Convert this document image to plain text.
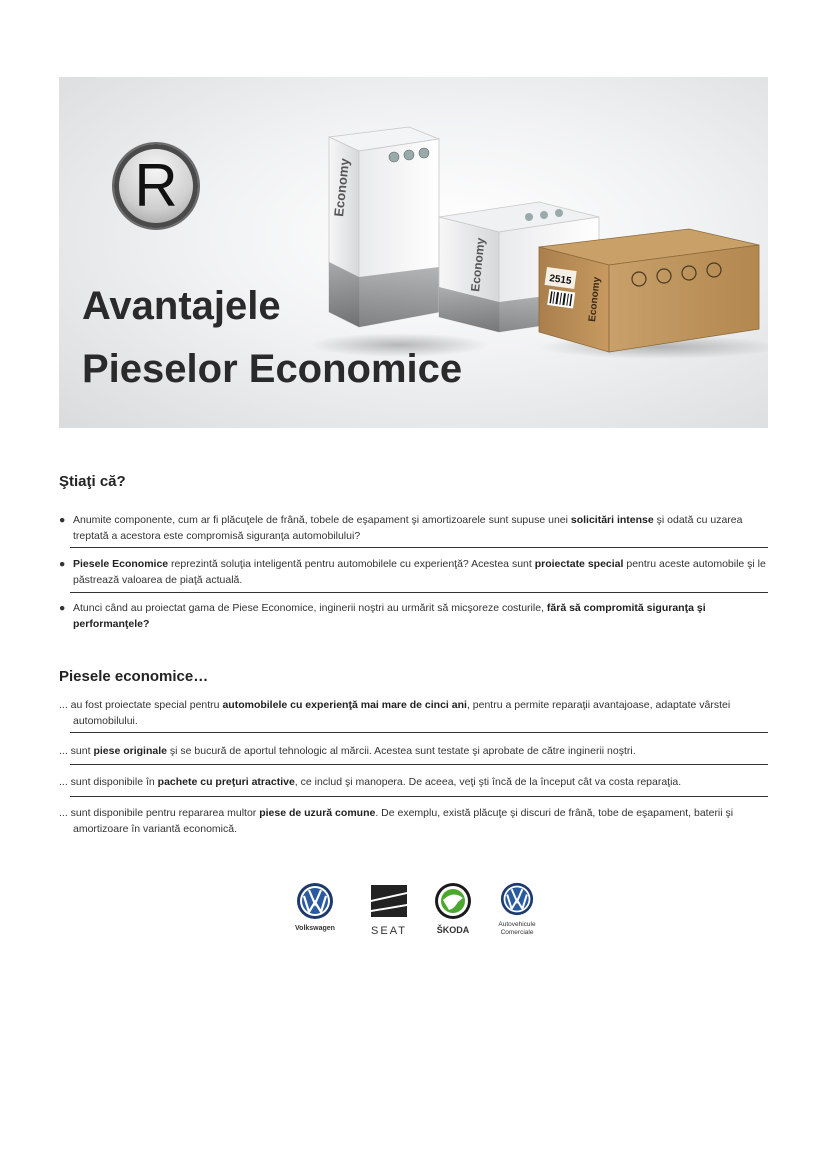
R	Economy
Economy
Economy
2515
Avantajele
Pieselor Economice
Ştiaţi că?
● Anumite componente, cum ar fi plăcuţele de frână, tobele de eşapament şi amortizoarele sunt supuse unei solicitări intense şi odată cu uzarea treptată a acestora este compromisă siguranţa automobilului?
● Piesele Economice reprezintă soluţia inteligentă pentru automobilele cu experienţă? Acestea sunt proiectate special pentru aceste automobile şi le păstrează valoarea de piaţă actuală.
● Atunci când au proiectat gama de Piese Economice, inginerii noştri au urmărit să micşoreze costurile, fără să compromită siguranţa şi performanţele?
Piesele economice…
... au fost proiectate special pentru automobilele cu experienţă mai mare de cinci ani, pentru a permite reparaţii avantajoase, adaptate vârstei automobilului.
... sunt piese originale şi se bucură de aportul tehnologic al mărcii. Acestea sunt testate şi aprobate de către inginerii noştri.
... sunt disponibile în pachete cu preţuri atractive, ce includ şi manopera. De aceea, veţi şti încă de la început cât va costa reparaţia.
... sunt disponibile pentru repararea multor piese de uzură comune. De exemplu, există plăcuţe şi discuri de frână, tobe de eşapament, baterii şi amortizoare în variantă economică.
Volkswagen	SEAT	ŠKODA
Autovehicule Comerciale
